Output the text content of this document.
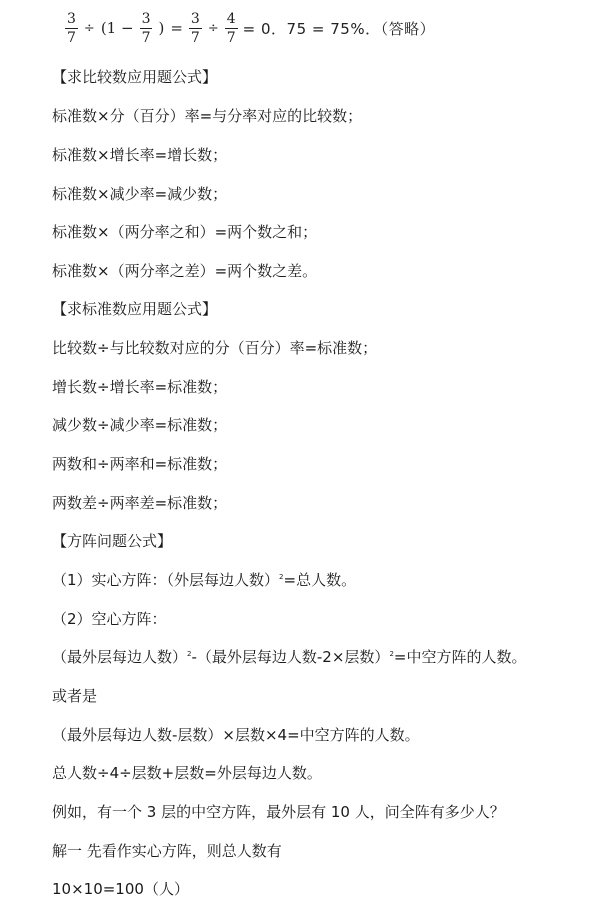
$\frac{3}{7} \div (1 - \frac{3}{7}$ ) = $\frac{3}{7} \div \frac{4}{7} = 0$．75 = 75%．（答略）
【求比较数应用题公式】
标准数×分（百分）率=与分率对应的比较数；
标准数×增长率=增长数；
标准数×减少率=减少数；
标准数×（两分率之和）=两个数之和；
标准数×（两分率之差）=两个数之差。
【求标准数应用题公式】
比较数÷与比较数对应的分（百分）率=标准数；
增长数÷增长率=标准数；
减少数÷减少率=标准数；
两数和÷两率和=标准数；
两数差÷两率差=标准数；
【方阵问题公式】
（1）实心方阵：（外层每边人数）$^2$=总人数。
（2）空心方阵：
（最外层每边人数）$^2$-（最外层每边人数-2×层数）$^2$=中空方阵的人数。
或者是
（最外层每边人数-层数）×层数×4=中空方阵的人数。
总人数÷4÷层数+层数=外层每边人数。
例如，有一个 3 层的中空方阵，最外层有 10 人，问全阵有多少人？
解一 先看作实心方阵，则总人数有
10×10=100（人）
